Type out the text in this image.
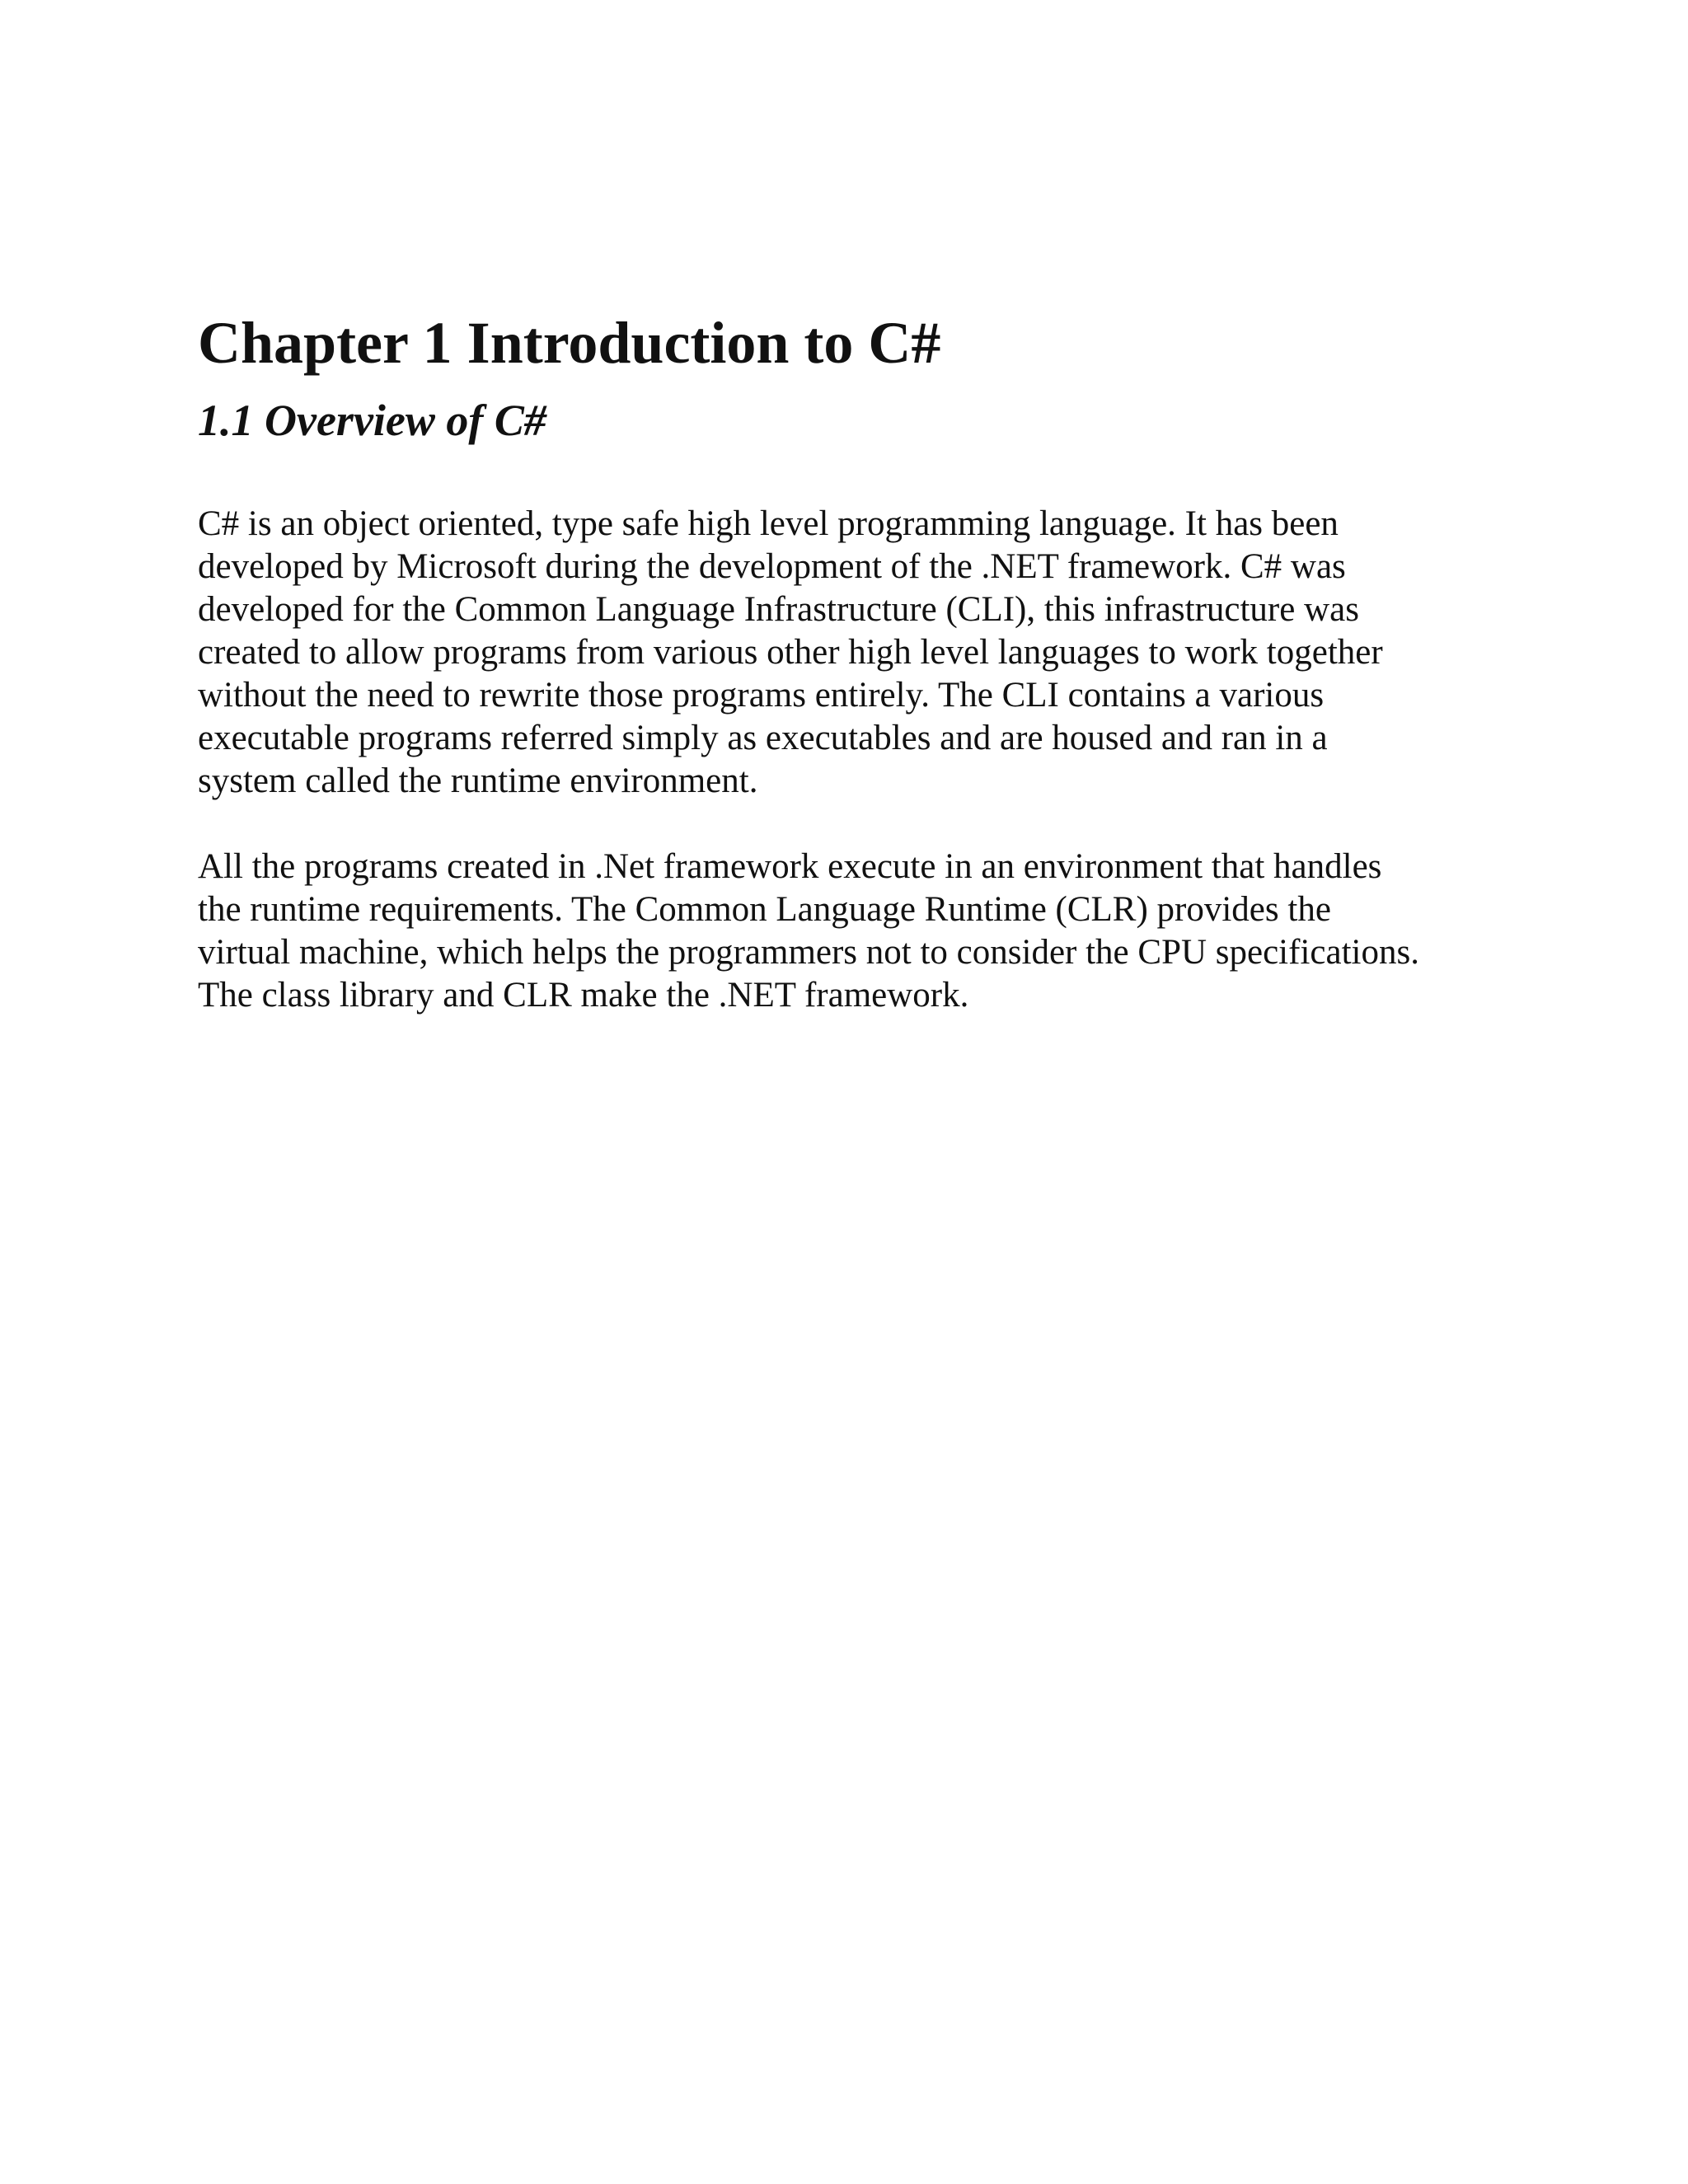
Chapter 1 Introduction to C#
1.1 Overview of C#

C# is an object oriented, type safe high level programming language. It has been
developed by Microsoft during the development of the .NET framework. C# was
developed for the Common Language Infrastructure (CLI), this infrastructure was
created to allow programs from various other high level languages to work together
without the need to rewrite those programs entirely. The CLI contains a various
executable programs referred simply as executables and are housed and ran in a
system called the runtime environment.

All the programs created in .Net framework execute in an environment that handles
the runtime requirements. The Common Language Runtime (CLR) provides the
virtual machine, which helps the programmers not to consider the CPU specifications.
The class library and CLR make the .NET framework.
